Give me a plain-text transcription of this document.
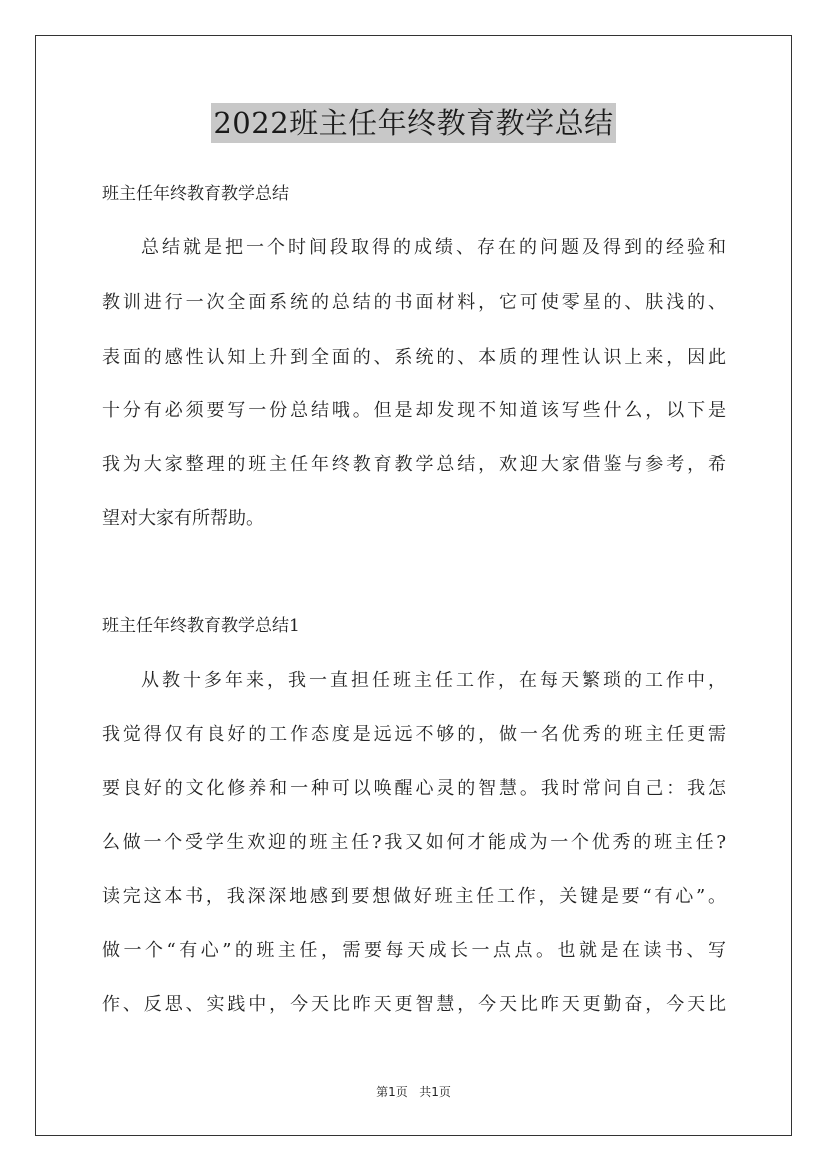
2022班主任年终教育教学总结
班主任年终教育教学总结
总结就是把一个时间段取得的成绩、存在的问题及得到的经验和
教训进行一次全面系统的总结的书面材料，它可使零星的、肤浅的、
表面的感性认知上升到全面的、系统的、本质的理性认识上来，因此
十分有必须要写一份总结哦。但是却发现不知道该写些什么，以下是
我为大家整理的班主任年终教育教学总结，欢迎大家借鉴与参考，希
望对大家有所帮助。
班主任年终教育教学总结1
从教十多年来，我一直担任班主任工作，在每天繁琐的工作中，
我觉得仅有良好的工作态度是远远不够的，做一名优秀的班主任更需
要良好的文化修养和一种可以唤醒心灵的智慧。我时常问自己：我怎
么做一个受学生欢迎的班主任?我又如何才能成为一个优秀的班主任?
读完这本书，我深深地感到要想做好班主任工作，关键是要“有心”。
做一个“有心”的班主任，需要每天成长一点点。也就是在读书、写
作、反思、实践中，今天比昨天更智慧，今天比昨天更勤奋，今天比
第1页 共1页
